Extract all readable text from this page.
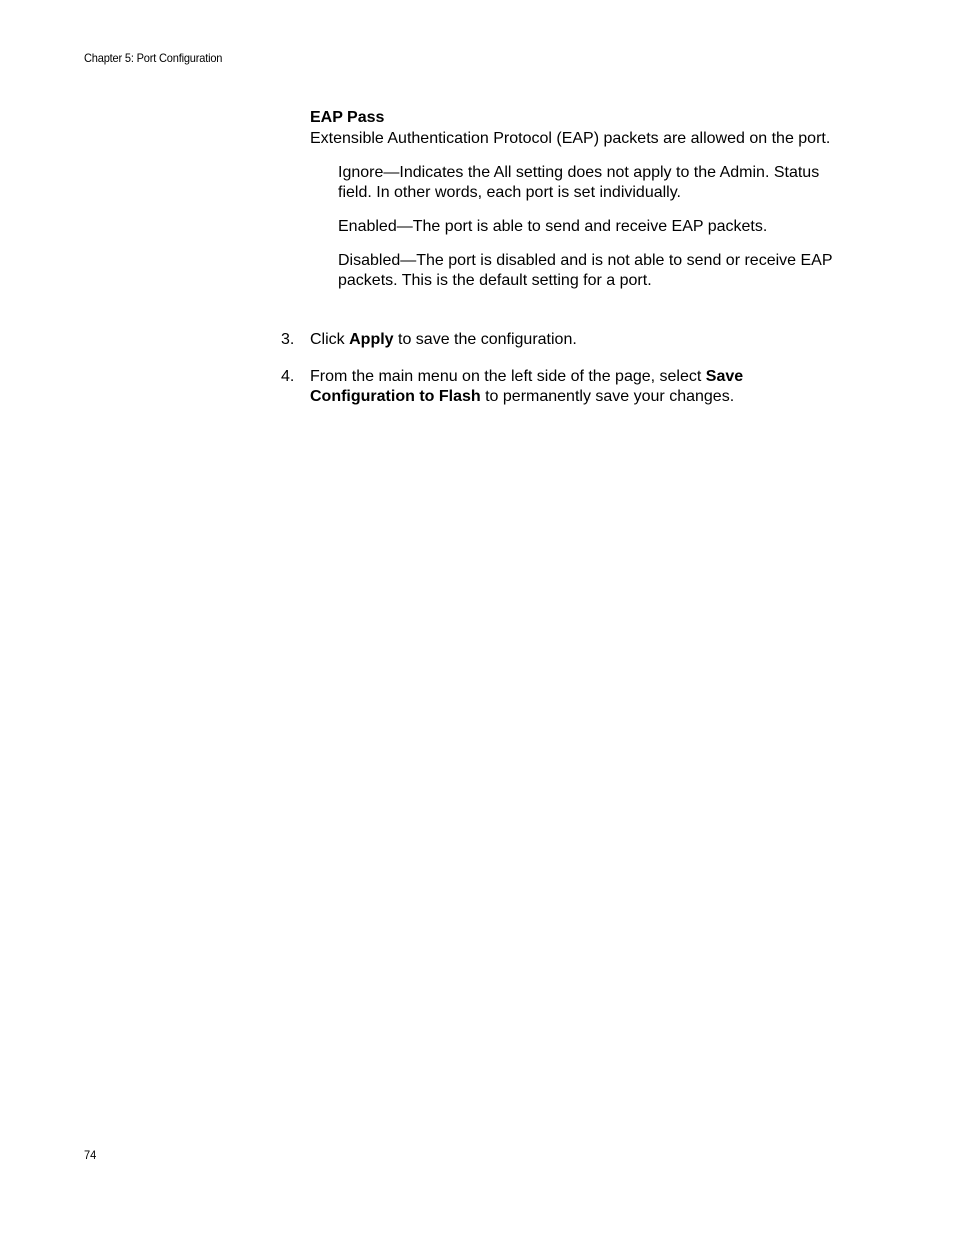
Chapter 5: Port Configuration

EAP Pass

Extensible Authentication Protocol (EAP) packets are allowed on the port.

Ignore—Indicates the All setting does not apply to the Admin. Status field. In other words, each port is set individually.

Enabled—The port is able to send and receive EAP packets.

Disabled—The port is disabled and is not able to send or receive EAP packets. This is the default setting for a port.

3. Click Apply to save the configuration.
4. From the main menu on the left side of the page, select Save Configuration to Flash to permanently save your changes.
74
